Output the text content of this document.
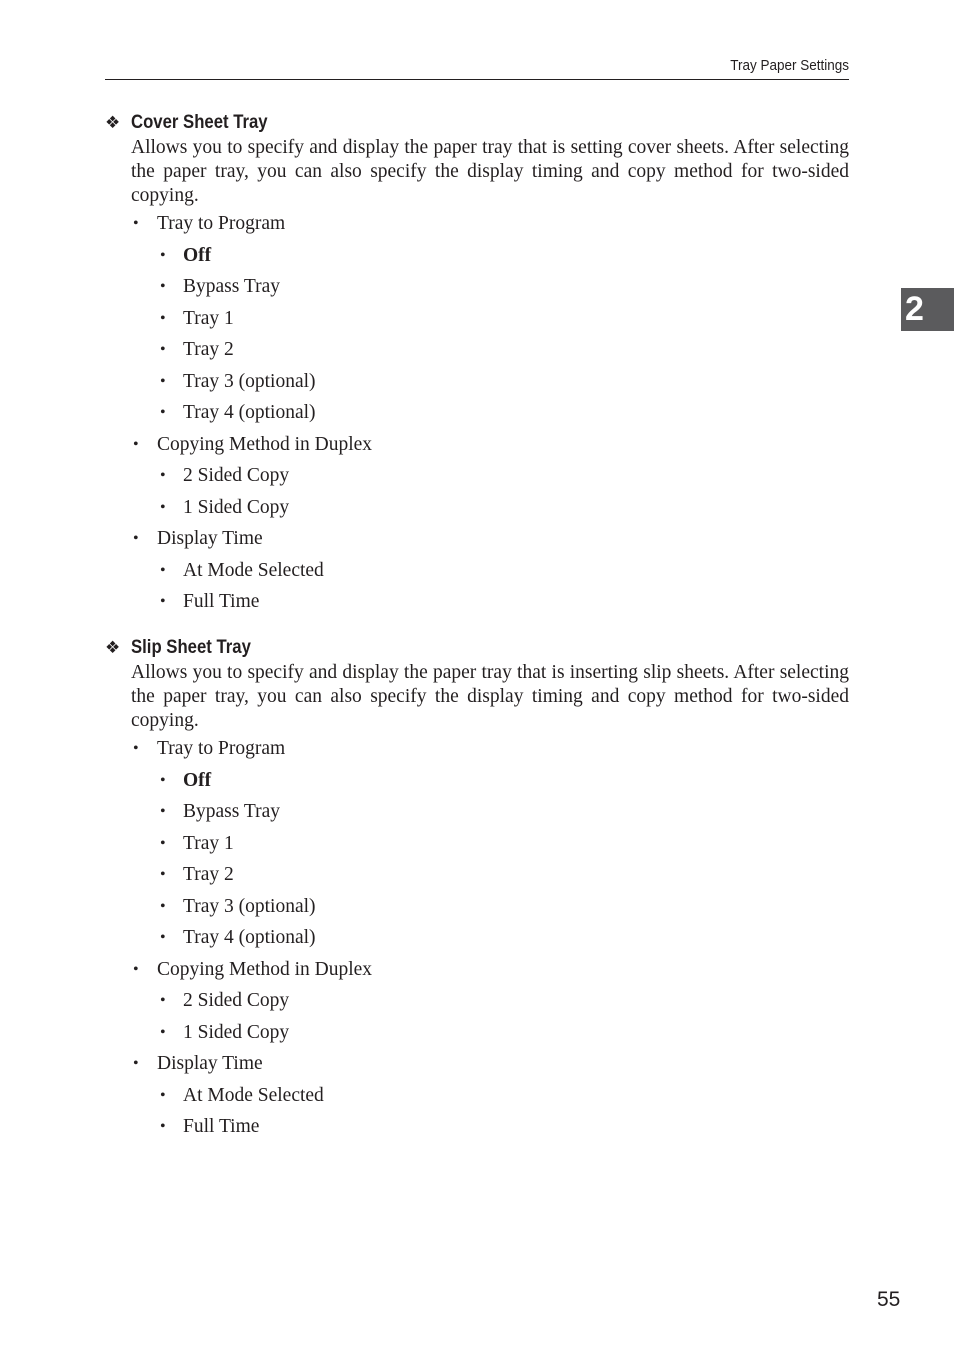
Tray Paper Settings
2
❖ Cover Sheet Tray

Allows you to specify and display the paper tray that is setting cover sheets. After selecting the paper tray, you can also specify the display timing and copy method for two-sided copying.

• Tray to Program
• Off
• Bypass Tray
• Tray 1
• Tray 2
• Tray 3 (optional)
• Tray 4 (optional)
• Copying Method in Duplex
• 2 Sided Copy
• 1 Sided Copy
• Display Time
• At Mode Selected
• Full Time
❖ Slip Sheet Tray

Allows you to specify and display the paper tray that is inserting slip sheets. After selecting the paper tray, you can also specify the display timing and copy method for two-sided copying.

• Tray to Program
• Off
• Bypass Tray
• Tray 1
• Tray 2
• Tray 3 (optional)
• Tray 4 (optional)
• Copying Method in Duplex
• 2 Sided Copy
• 1 Sided Copy
• Display Time
• At Mode Selected
• Full Time
55
